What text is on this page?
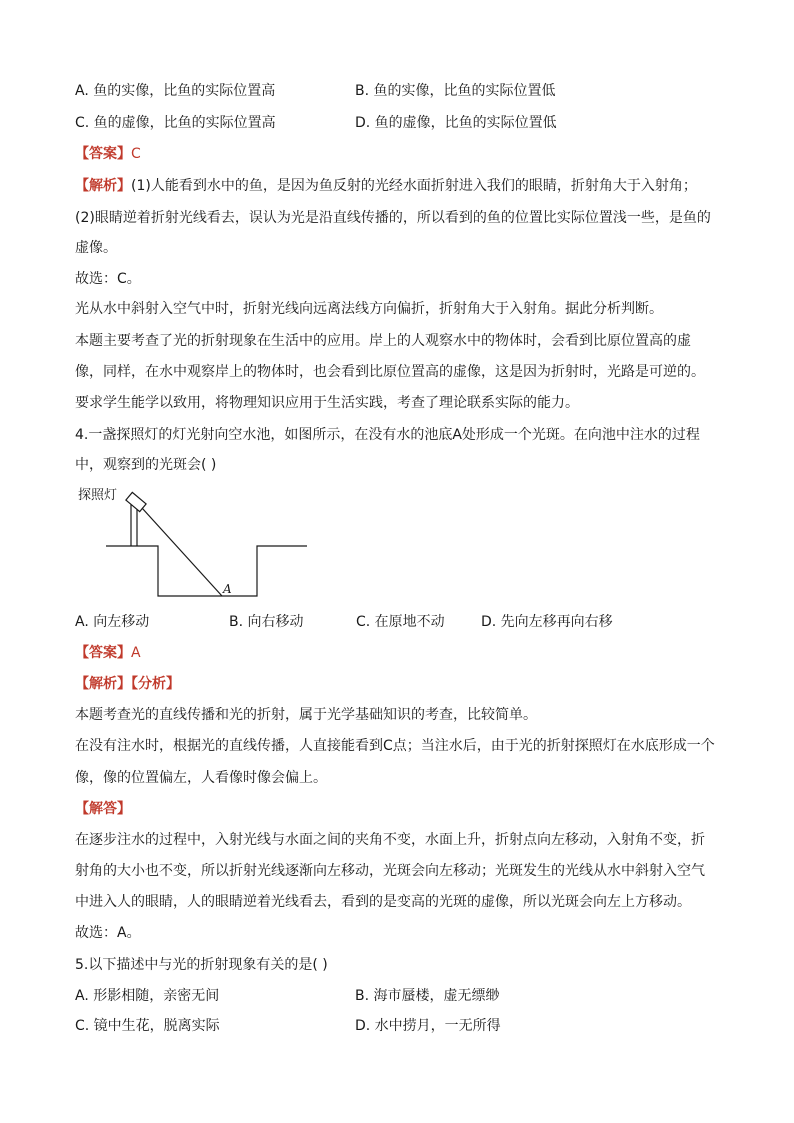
A. 鱼的实像，比鱼的实际位置高	B. 鱼的实像，比鱼的实际位置低
C. 鱼的虚像，比鱼的实际位置高	D. 鱼的虚像，比鱼的实际位置低
【答案】C
【解析】(1)人能看到水中的鱼，是因为鱼反射的光经水面折射进入我们的眼睛，折射角大于入射角；
(2)眼睛逆着折射光线看去，误认为光是沿直线传播的，所以看到的鱼的位置比实际位置浅一些，是鱼的
虚像。
故选：C。
光从水中斜射入空气中时，折射光线向远离法线方向偏折，折射角大于入射角。据此分析判断。
本题主要考查了光的折射现象在生活中的应用。岸上的人观察水中的物体时，会看到比原位置高的虚
像，同样，在水中观察岸上的物体时，也会看到比原位置高的虚像，这是因为折射时，光路是可逆的。
要求学生能学以致用，将物理知识应用于生活实践，考查了理论联系实际的能力。
4.一盏探照灯的灯光射向空水池，如图所示，在没有水的池底A处形成一个光斑。在向池中注水的过程
中，观察到的光斑会( )
探照灯
A
A. 向左移动	B. 向右移动	C. 在原地不动	D. 先向左移再向右移
【答案】A
【解析】【分析】
本题考查光的直线传播和光的折射，属于光学基础知识的考查，比较简单。
在没有注水时，根据光的直线传播，人直接能看到C点；当注水后，由于光的折射探照灯在水底形成一个
像，像的位置偏左，人看像时像会偏上。
【解答】
在逐步注水的过程中，入射光线与水面之间的夹角不变，水面上升，折射点向左移动，入射角不变，折
射角的大小也不变，所以折射光线逐渐向左移动，光斑会向左移动；光斑发生的光线从水中斜射入空气
中进入人的眼睛，人的眼睛逆着光线看去，看到的是变高的光斑的虚像，所以光斑会向左上方移动。
故选：A。
5.以下描述中与光的折射现象有关的是( )
A. 形影相随，亲密无间	B. 海市蜃楼，虚无缥缈
C. 镜中生花，脱离实际	D. 水中捞月，一无所得
